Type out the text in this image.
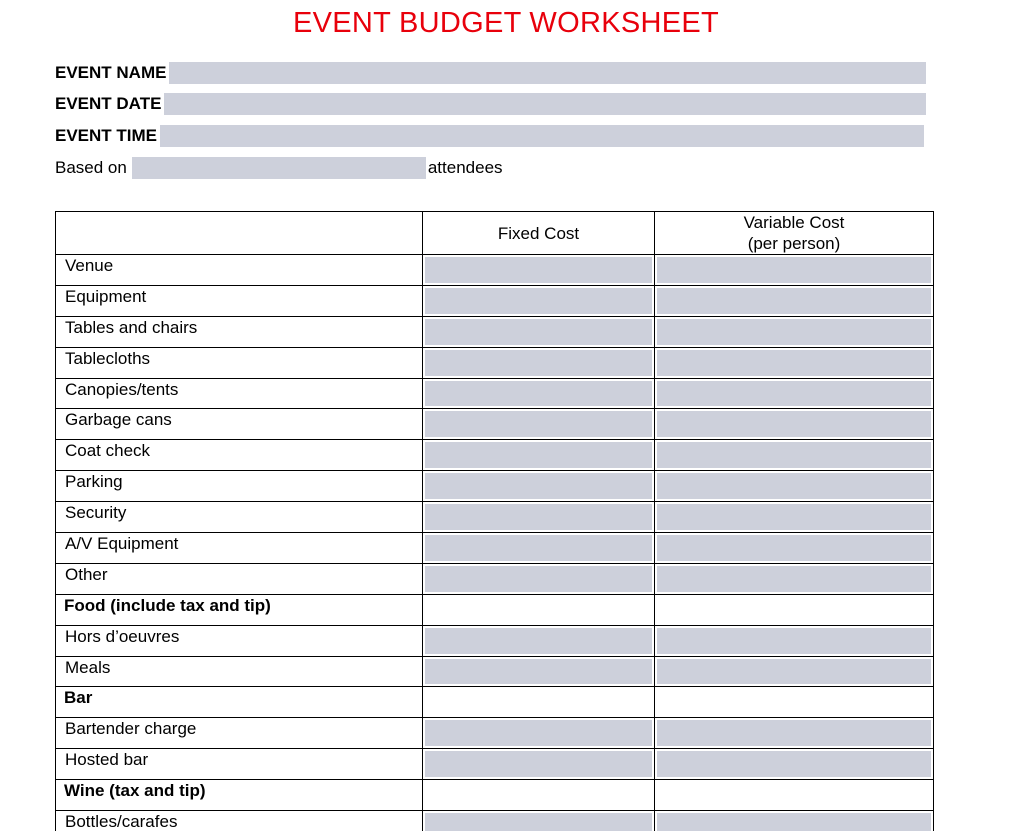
EVENT BUDGET WORKSHEET
EVENT NAME
EVENT DATE
EVENT TIME
Based on	attendees
	Fixed Cost	Variable Cost
(per person)
Venue		
Equipment		
Tables and chairs		
Tablecloths		
Canopies/tents		
Garbage cans		
Coat check		
Parking		
Security		
A/V Equipment		
Other		
Food (include tax and tip)		
Hors d’oeuvres		
Meals		
Bar		
Bartender charge		
Hosted bar		
Wine (tax and tip)		
Bottles/carafes		
